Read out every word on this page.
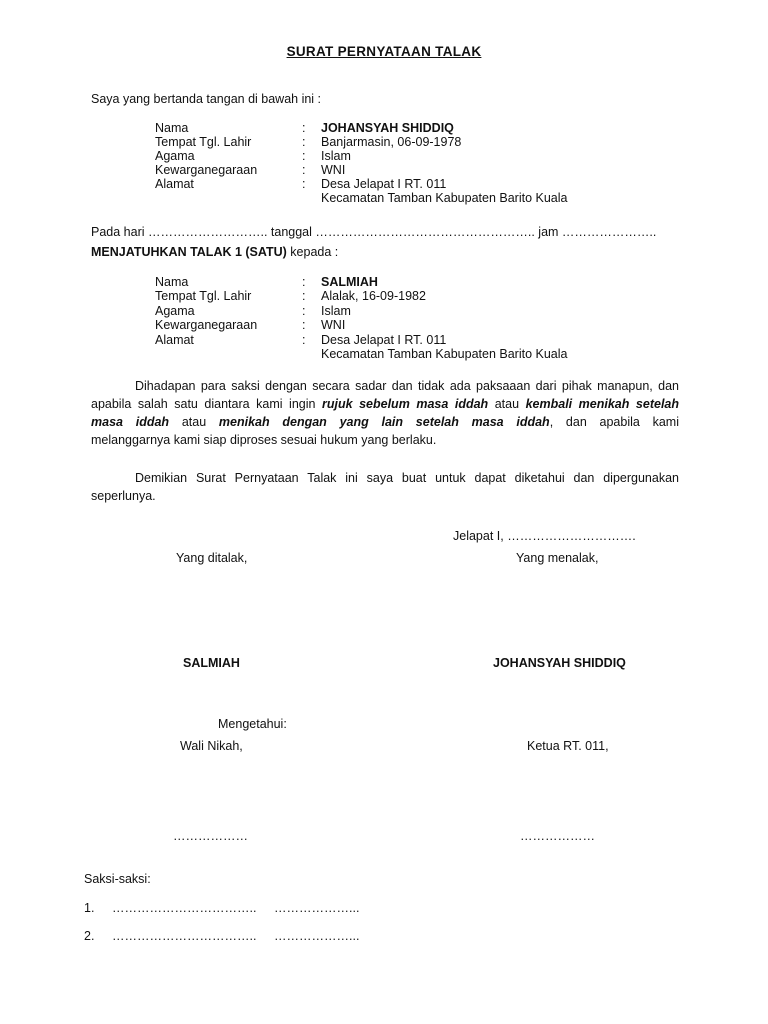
SURAT PERNYATAAN TALAK
Saya yang bertanda tangan di bawah ini :
Nama	: JOHANSYAH SHIDDIQ
Tempat Tgl. Lahir	: Banjarmasin, 06-09-1978
Agama	: Islam
Kewarganegaraan	: WNI
Alamat	: Desa Jelapat I RT. 011
Kecamatan Tamban Kabupaten Barito Kuala
Pada hari ……………………….. tanggal …………………………………………….. jam …………………..
MENJATUHKAN TALAK 1 (SATU) kepada :
Nama	: SALMIAH
Tempat Tgl. Lahir	: Alalak, 16-09-1982
Agama	: Islam
Kewarganegaraan	: WNI
Alamat	: Desa Jelapat I RT. 011
Kecamatan Tamban Kabupaten Barito Kuala
Dihadapan para saksi dengan secara sadar dan tidak ada paksaaan dari pihak manapun, dan
apabila salah satu diantara kami ingin rujuk sebelum masa iddah atau kembali menikah setelah
masa iddah atau menikah dengan yang lain setelah masa iddah, dan apabila kami
melanggarnya kami siap diproses sesuai hukum yang berlaku.
Demikian Surat Pernyataan Talak ini saya buat untuk dapat diketahui dan dipergunakan
seperlunya.
Jelapat I, ………………………….
Yang ditalak,	Yang menalak,
SALMIAH	JOHANSYAH SHIDDIQ
Mengetahui:
Wali Nikah,	Ketua RT. 011,
………………	………………
Saksi-saksi:
1. …………………………….. ………………...
2. …………………………….. ………………...
